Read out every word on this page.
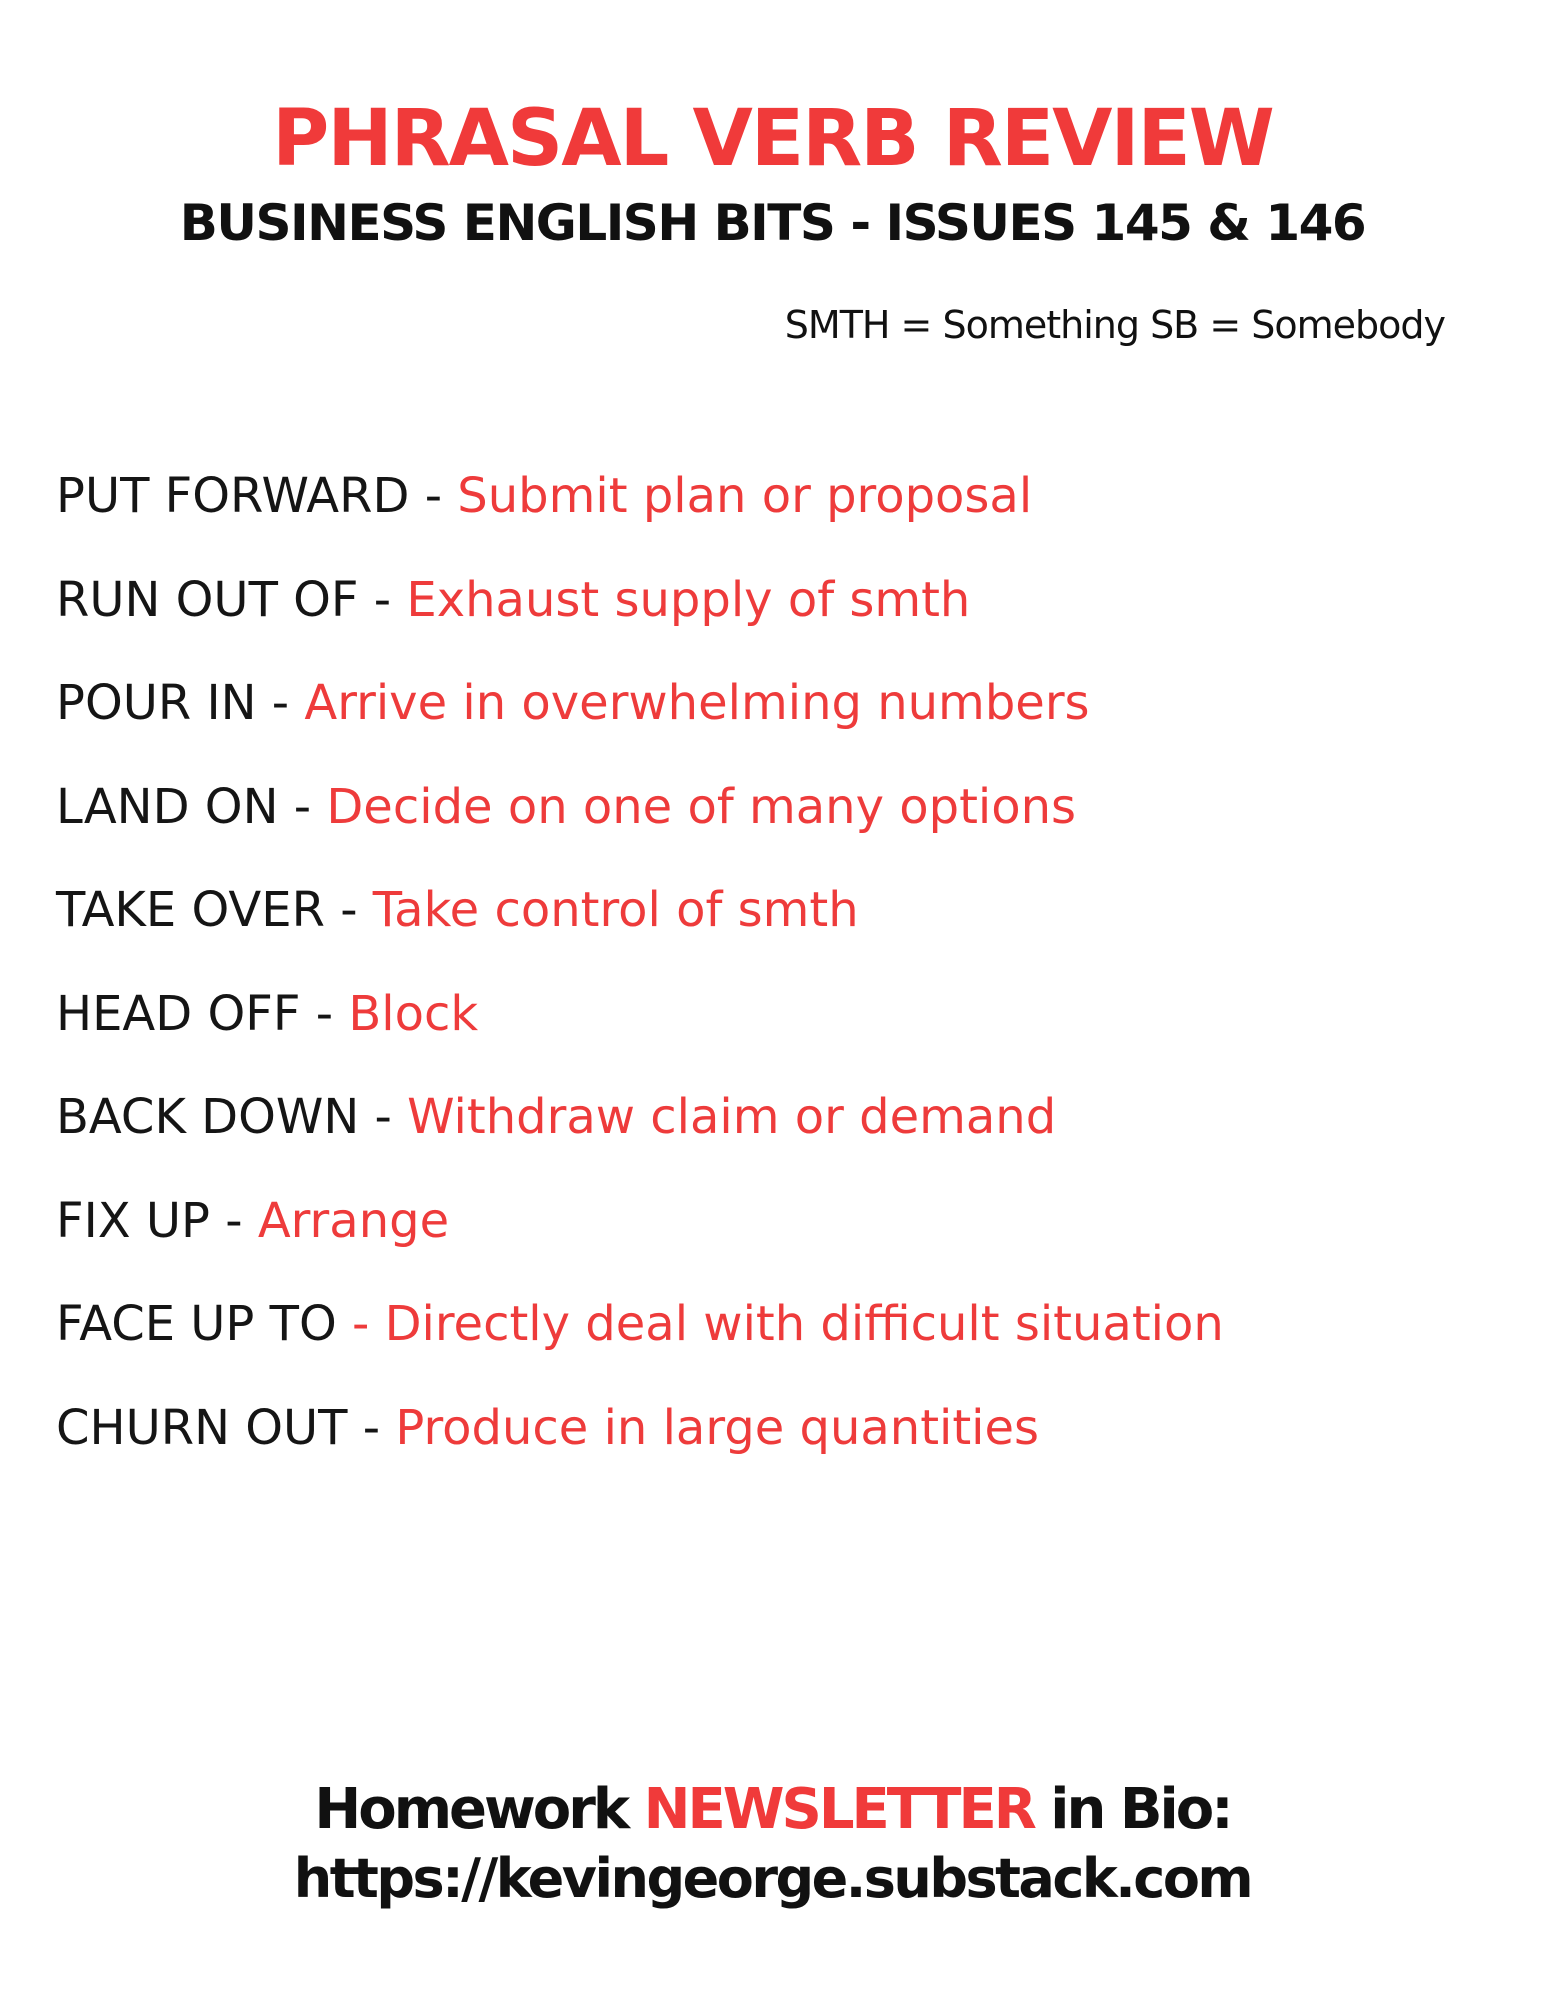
PHRASAL VERB REVIEW
BUSINESS ENGLISH BITS - ISSUES 145 & 146
SMTH = Something SB = Somebody
PUT FORWARD - Submit plan or proposal
RUN OUT OF - Exhaust supply of smth
POUR IN - Arrive in overwhelming numbers
LAND ON - Decide on one of many options
TAKE OVER - Take control of smth
HEAD OFF - Block
BACK DOWN - Withdraw claim or demand
FIX UP - Arrange
FACE UP TO - Directly deal with difficult situation
CHURN OUT - Produce in large quantities
Homework NEWSLETTER in Bio:
https://kevingeorge.substack.com
